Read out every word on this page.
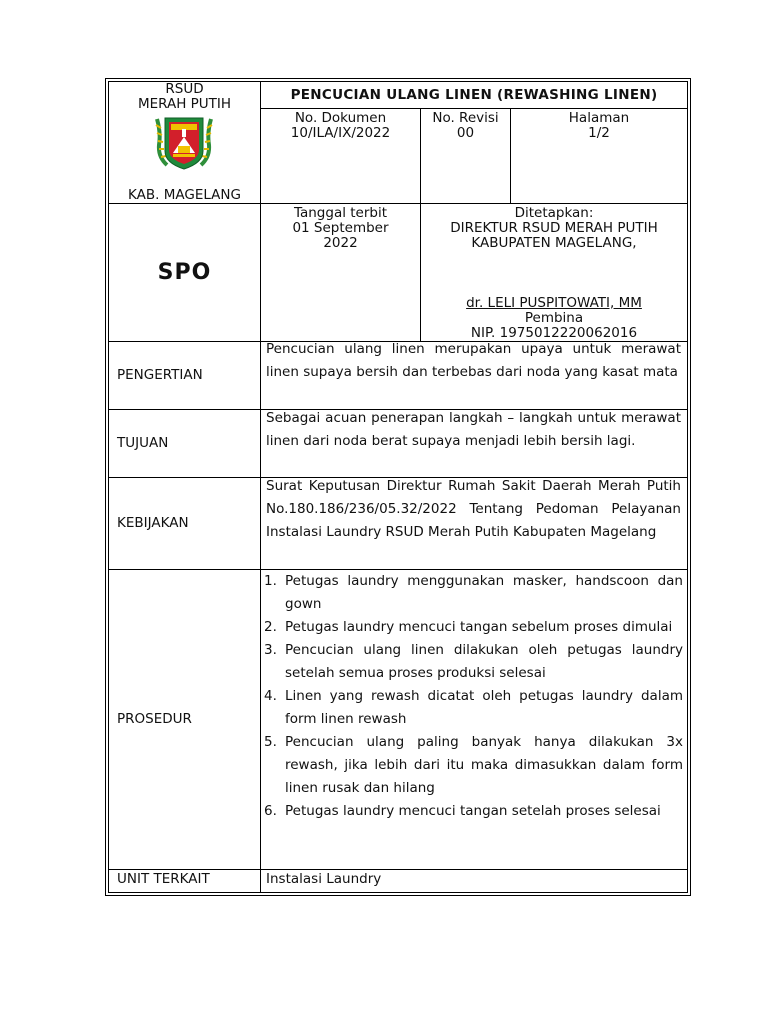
RSUD
MERAH PUTIH
KAB. MAGELANG
PENCUCIAN ULANG LINEN (REWASHING LINEN)
No. Dokumen
10/ILA/IX/2022
No. Revisi
00
Halaman
1/2
SPO
Tanggal terbit
01 September
2022
Ditetapkan:
DIREKTUR RSUD MERAH PUTIH
KABUPATEN MAGELANG,
dr. LELI PUSPITOWATI, MM
Pembina
NIP. 1975012220062016
PENGERTIAN
Pencucian ulang linen merupakan upaya untuk merawat linen supaya bersih dan terbebas dari noda yang kasat mata
TUJUAN
Sebagai acuan penerapan langkah – langkah untuk merawat linen dari noda berat supaya menjadi lebih bersih lagi.
KEBIJAKAN
Surat Keputusan Direktur Rumah Sakit Daerah Merah Putih No.180.186/236/05.32/2022 Tentang Pedoman Pelayanan Instalasi Laundry RSUD Merah Putih Kabupaten Magelang
PROSEDUR
1. Petugas laundry menggunakan masker, handscoon dan gown
2. Petugas laundry mencuci tangan sebelum proses dimulai
3. Pencucian ulang linen dilakukan oleh petugas laundry setelah semua proses produksi selesai
4. Linen yang rewash dicatat oleh petugas laundry dalam form linen rewash
5. Pencucian ulang paling banyak hanya dilakukan 3x rewash, jika lebih dari itu maka dimasukkan dalam form linen rusak dan hilang
6. Petugas laundry mencuci tangan setelah proses selesai
UNIT TERKAIT	Instalasi Laundry
